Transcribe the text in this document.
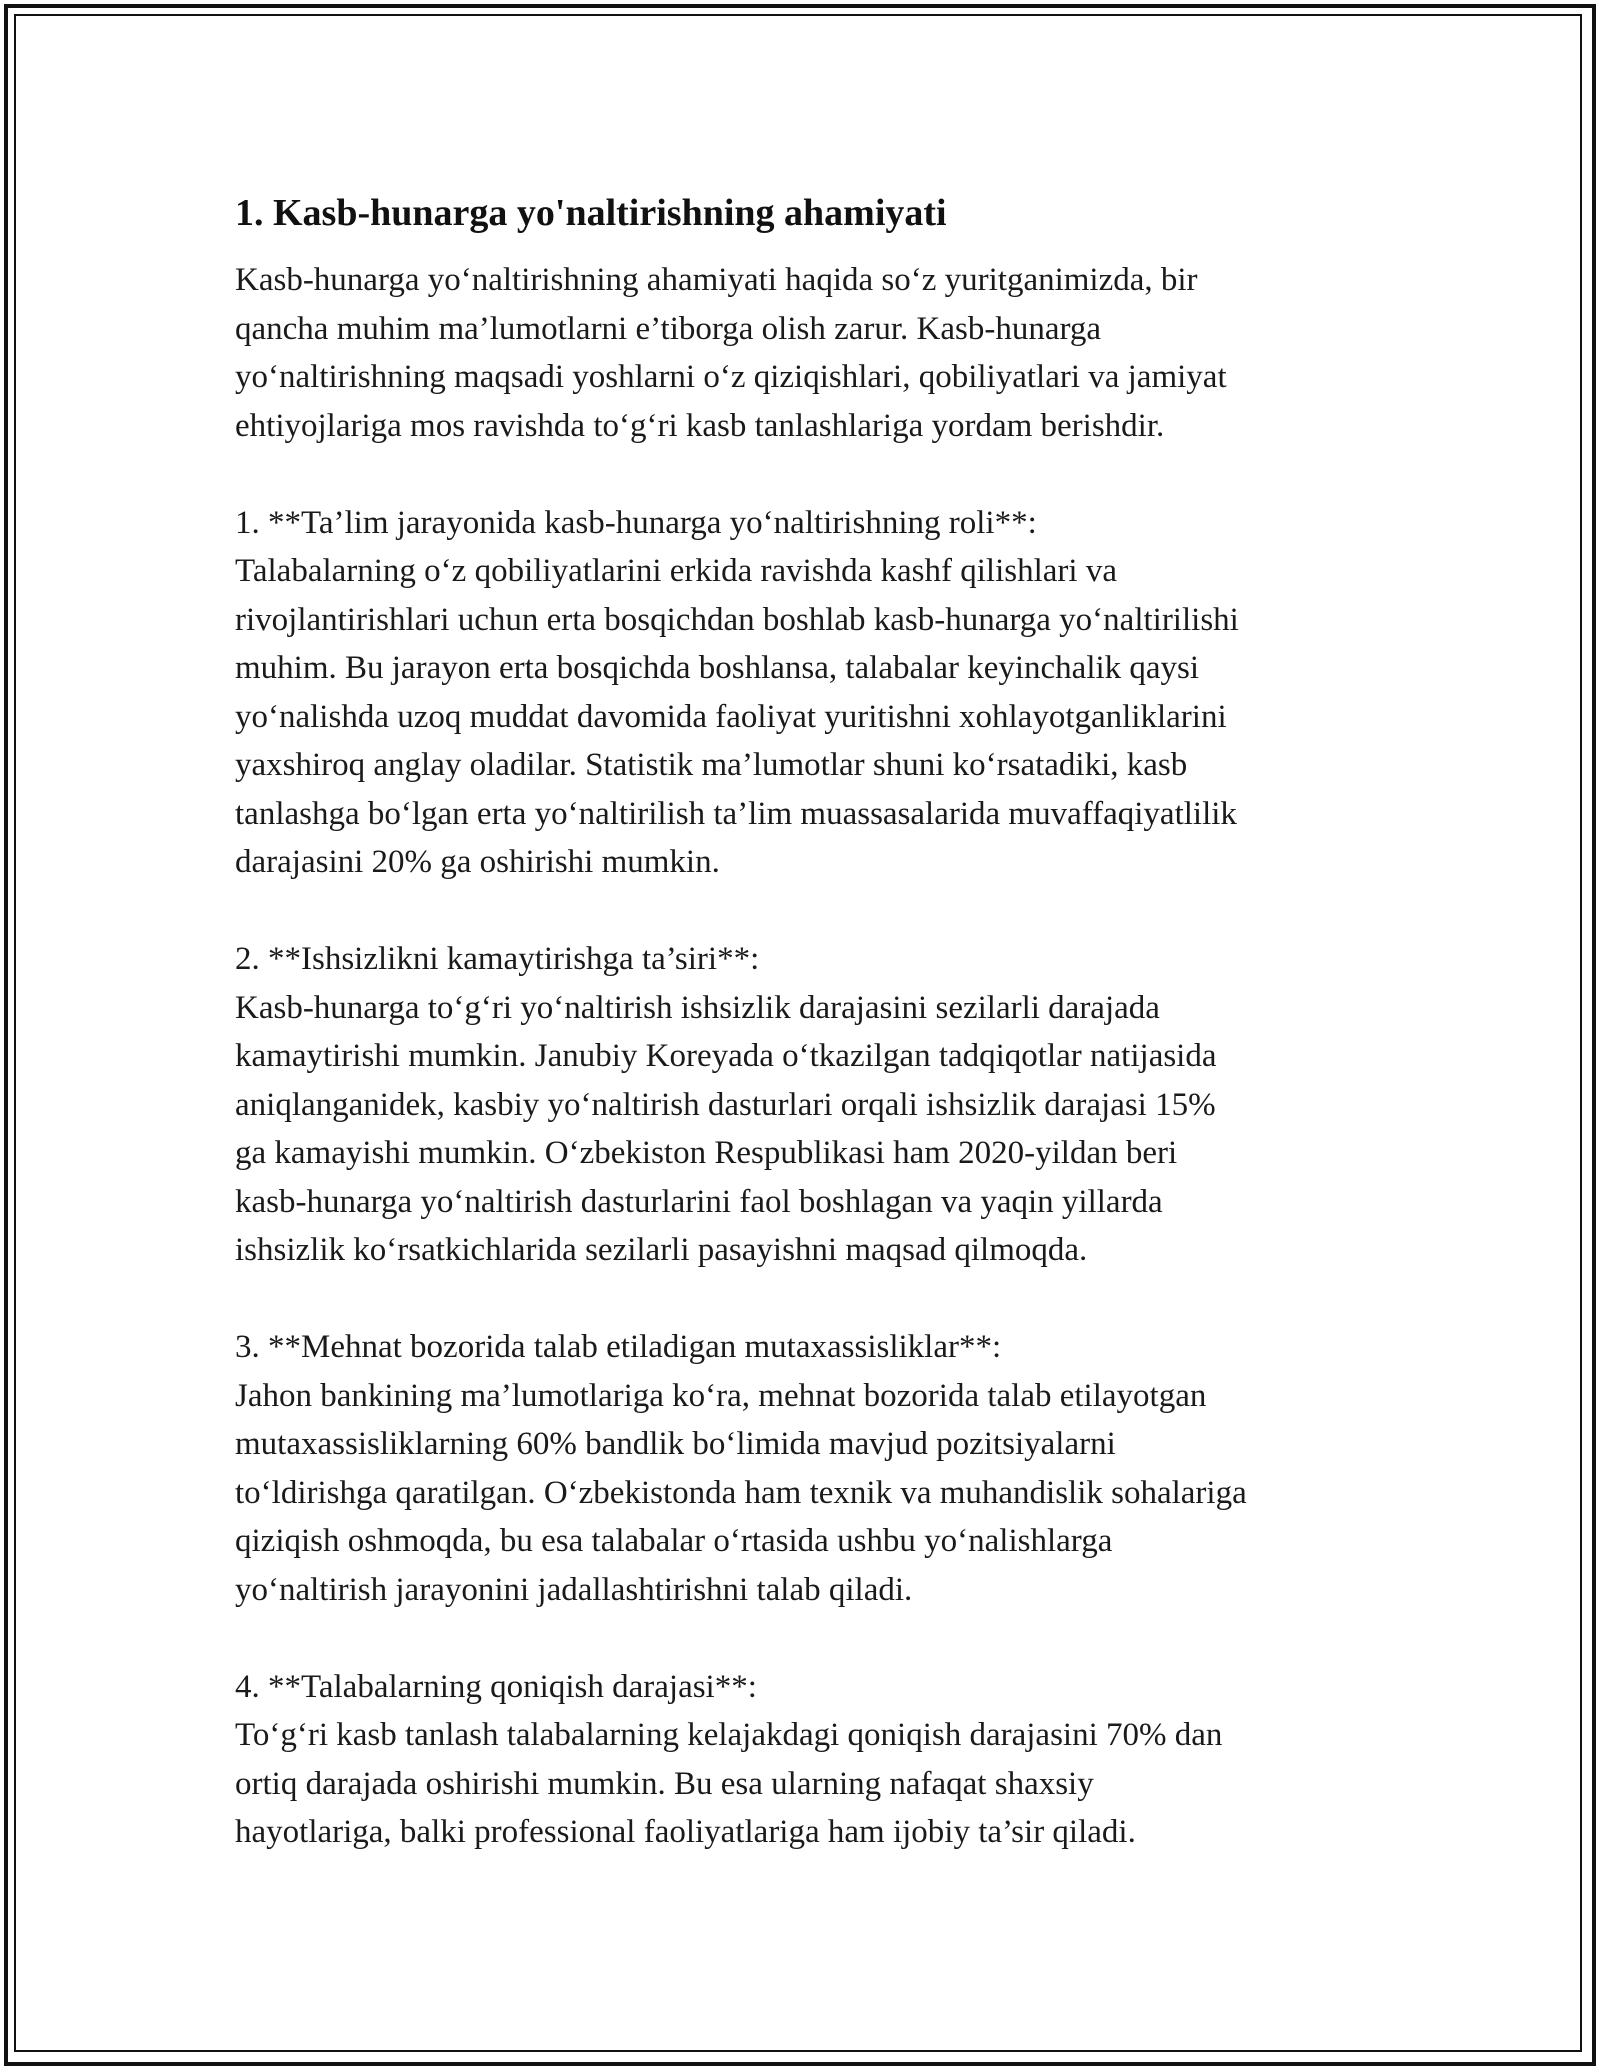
1. Kasb-hunarga yo'naltirishning ahamiyati

Kasb-hunarga yo‘naltirishning ahamiyati haqida so‘z yuritganimizda, bir
qancha muhim ma’lumotlarni e’tiborga olish zarur. Kasb-hunarga
yo‘naltirishning maqsadi yoshlarni o‘z qiziqishlari, qobiliyatlari va jamiyat
ehtiyojlariga mos ravishda to‘g‘ri kasb tanlashlariga yordam berishdir.

1. **Ta’lim jarayonida kasb-hunarga yo‘naltirishning roli**:

Talabalarning o‘z qobiliyatlarini erkida ravishda kashf qilishlari va
rivojlantirishlari uchun erta bosqichdan boshlab kasb-hunarga yo‘naltirilishi
muhim. Bu jarayon erta bosqichda boshlansa, talabalar keyinchalik qaysi
yo‘nalishda uzoq muddat davomida faoliyat yuritishni xohlayotganliklarini
yaxshiroq anglay oladilar. Statistik ma’lumotlar shuni ko‘rsatadiki, kasb
tanlashga bo‘lgan erta yo‘naltirilish ta’lim muassasalarida muvaffaqiyatlilik
darajasini 20% ga oshirishi mumkin.

2. **Ishsizlikni kamaytirishga ta’siri**:

Kasb-hunarga to‘g‘ri yo‘naltirish ishsizlik darajasini sezilarli darajada
kamaytirishi mumkin. Janubiy Koreyada o‘tkazilgan tadqiqotlar natijasida
aniqlanganidek, kasbiy yo‘naltirish dasturlari orqali ishsizlik darajasi 15%
ga kamayishi mumkin. O‘zbekiston Respublikasi ham 2020-yildan beri
kasb-hunarga yo‘naltirish dasturlarini faol boshlagan va yaqin yillarda
ishsizlik ko‘rsatkichlarida sezilarli pasayishni maqsad qilmoqda.

3. **Mehnat bozorida talab etiladigan mutaxassisliklar**:

Jahon bankining ma’lumotlariga ko‘ra, mehnat bozorida talab etilayotgan
mutaxassisliklarning 60% bandlik bo‘limida mavjud pozitsiyalarni
to‘ldirishga qaratilgan. O‘zbekistonda ham texnik va muhandislik sohalariga
qiziqish oshmoqda, bu esa talabalar o‘rtasida ushbu yo‘nalishlarga
yo‘naltirish jarayonini jadallashtirishni talab qiladi.

4. **Talabalarning qoniqish darajasi**:

To‘g‘ri kasb tanlash talabalarning kelajakdagi qoniqish darajasini 70% dan
ortiq darajada oshirishi mumkin. Bu esa ularning nafaqat shaxsiy
hayotlariga, balki professional faoliyatlariga ham ijobiy ta’sir qiladi.
